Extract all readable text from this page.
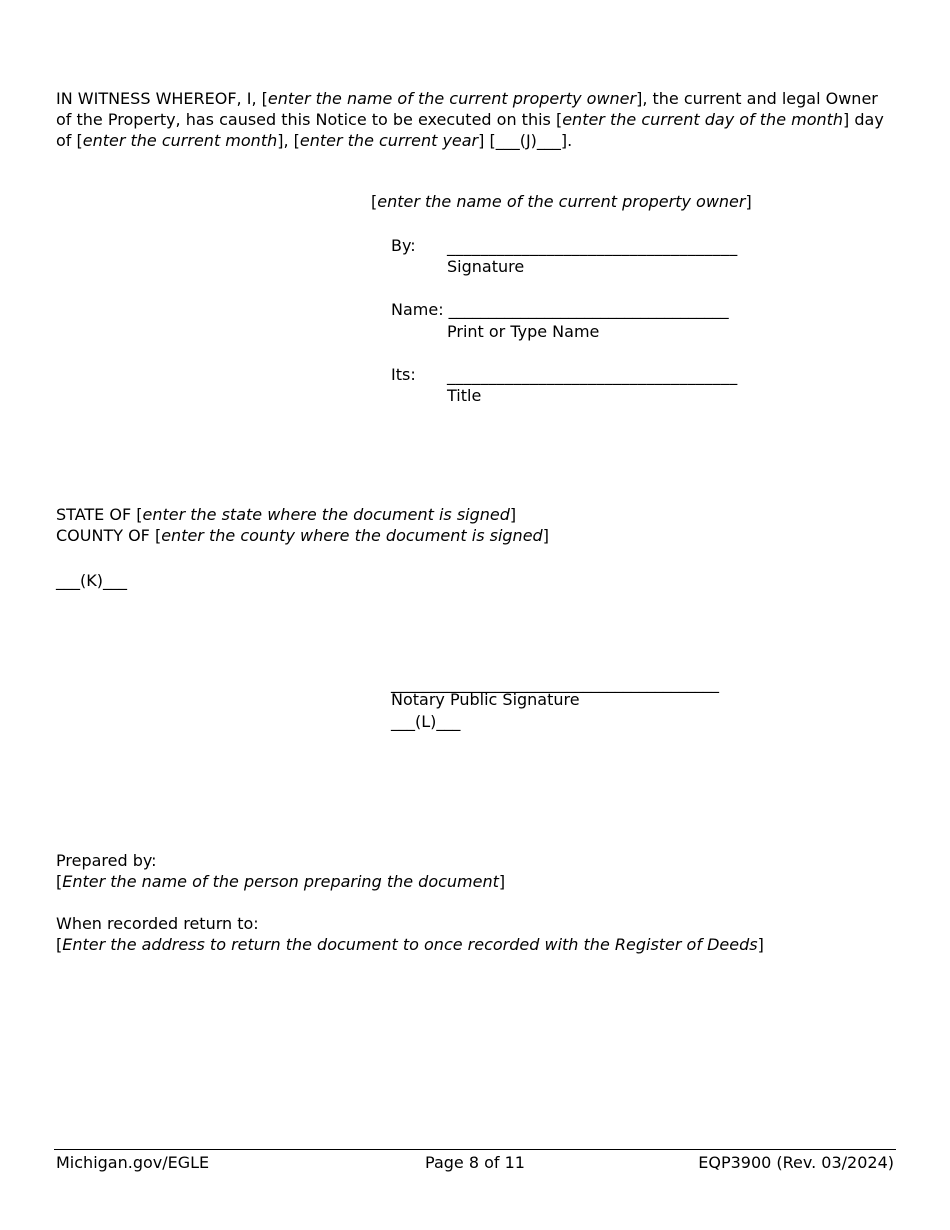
IN WITNESS WHEREOF, I, [enter the name of the current property owner], the current and legal Owner of the Property, has caused this Notice to be executed on this [enter the current day of the month] day of [enter the current month], [enter the current year] [___(J)___].
[enter the name of the current property owner]
By: ___________________________________
Signature
Name: ___________________________________
Print or Type Name
Its: ___________________________________
Title
STATE OF [enter the state where the document is signed]
COUNTY OF [enter the county where the document is signed]
___(K)___
_________________________________________
Notary Public Signature
___(L)___
Prepared by:
[Enter the name of the person preparing the document]
When recorded return to:
[Enter the address to return the document to once recorded with the Register of Deeds]
Page 8 of 11
Michigan.gov/EGLE	EQP3900 (Rev. 03/2024)
